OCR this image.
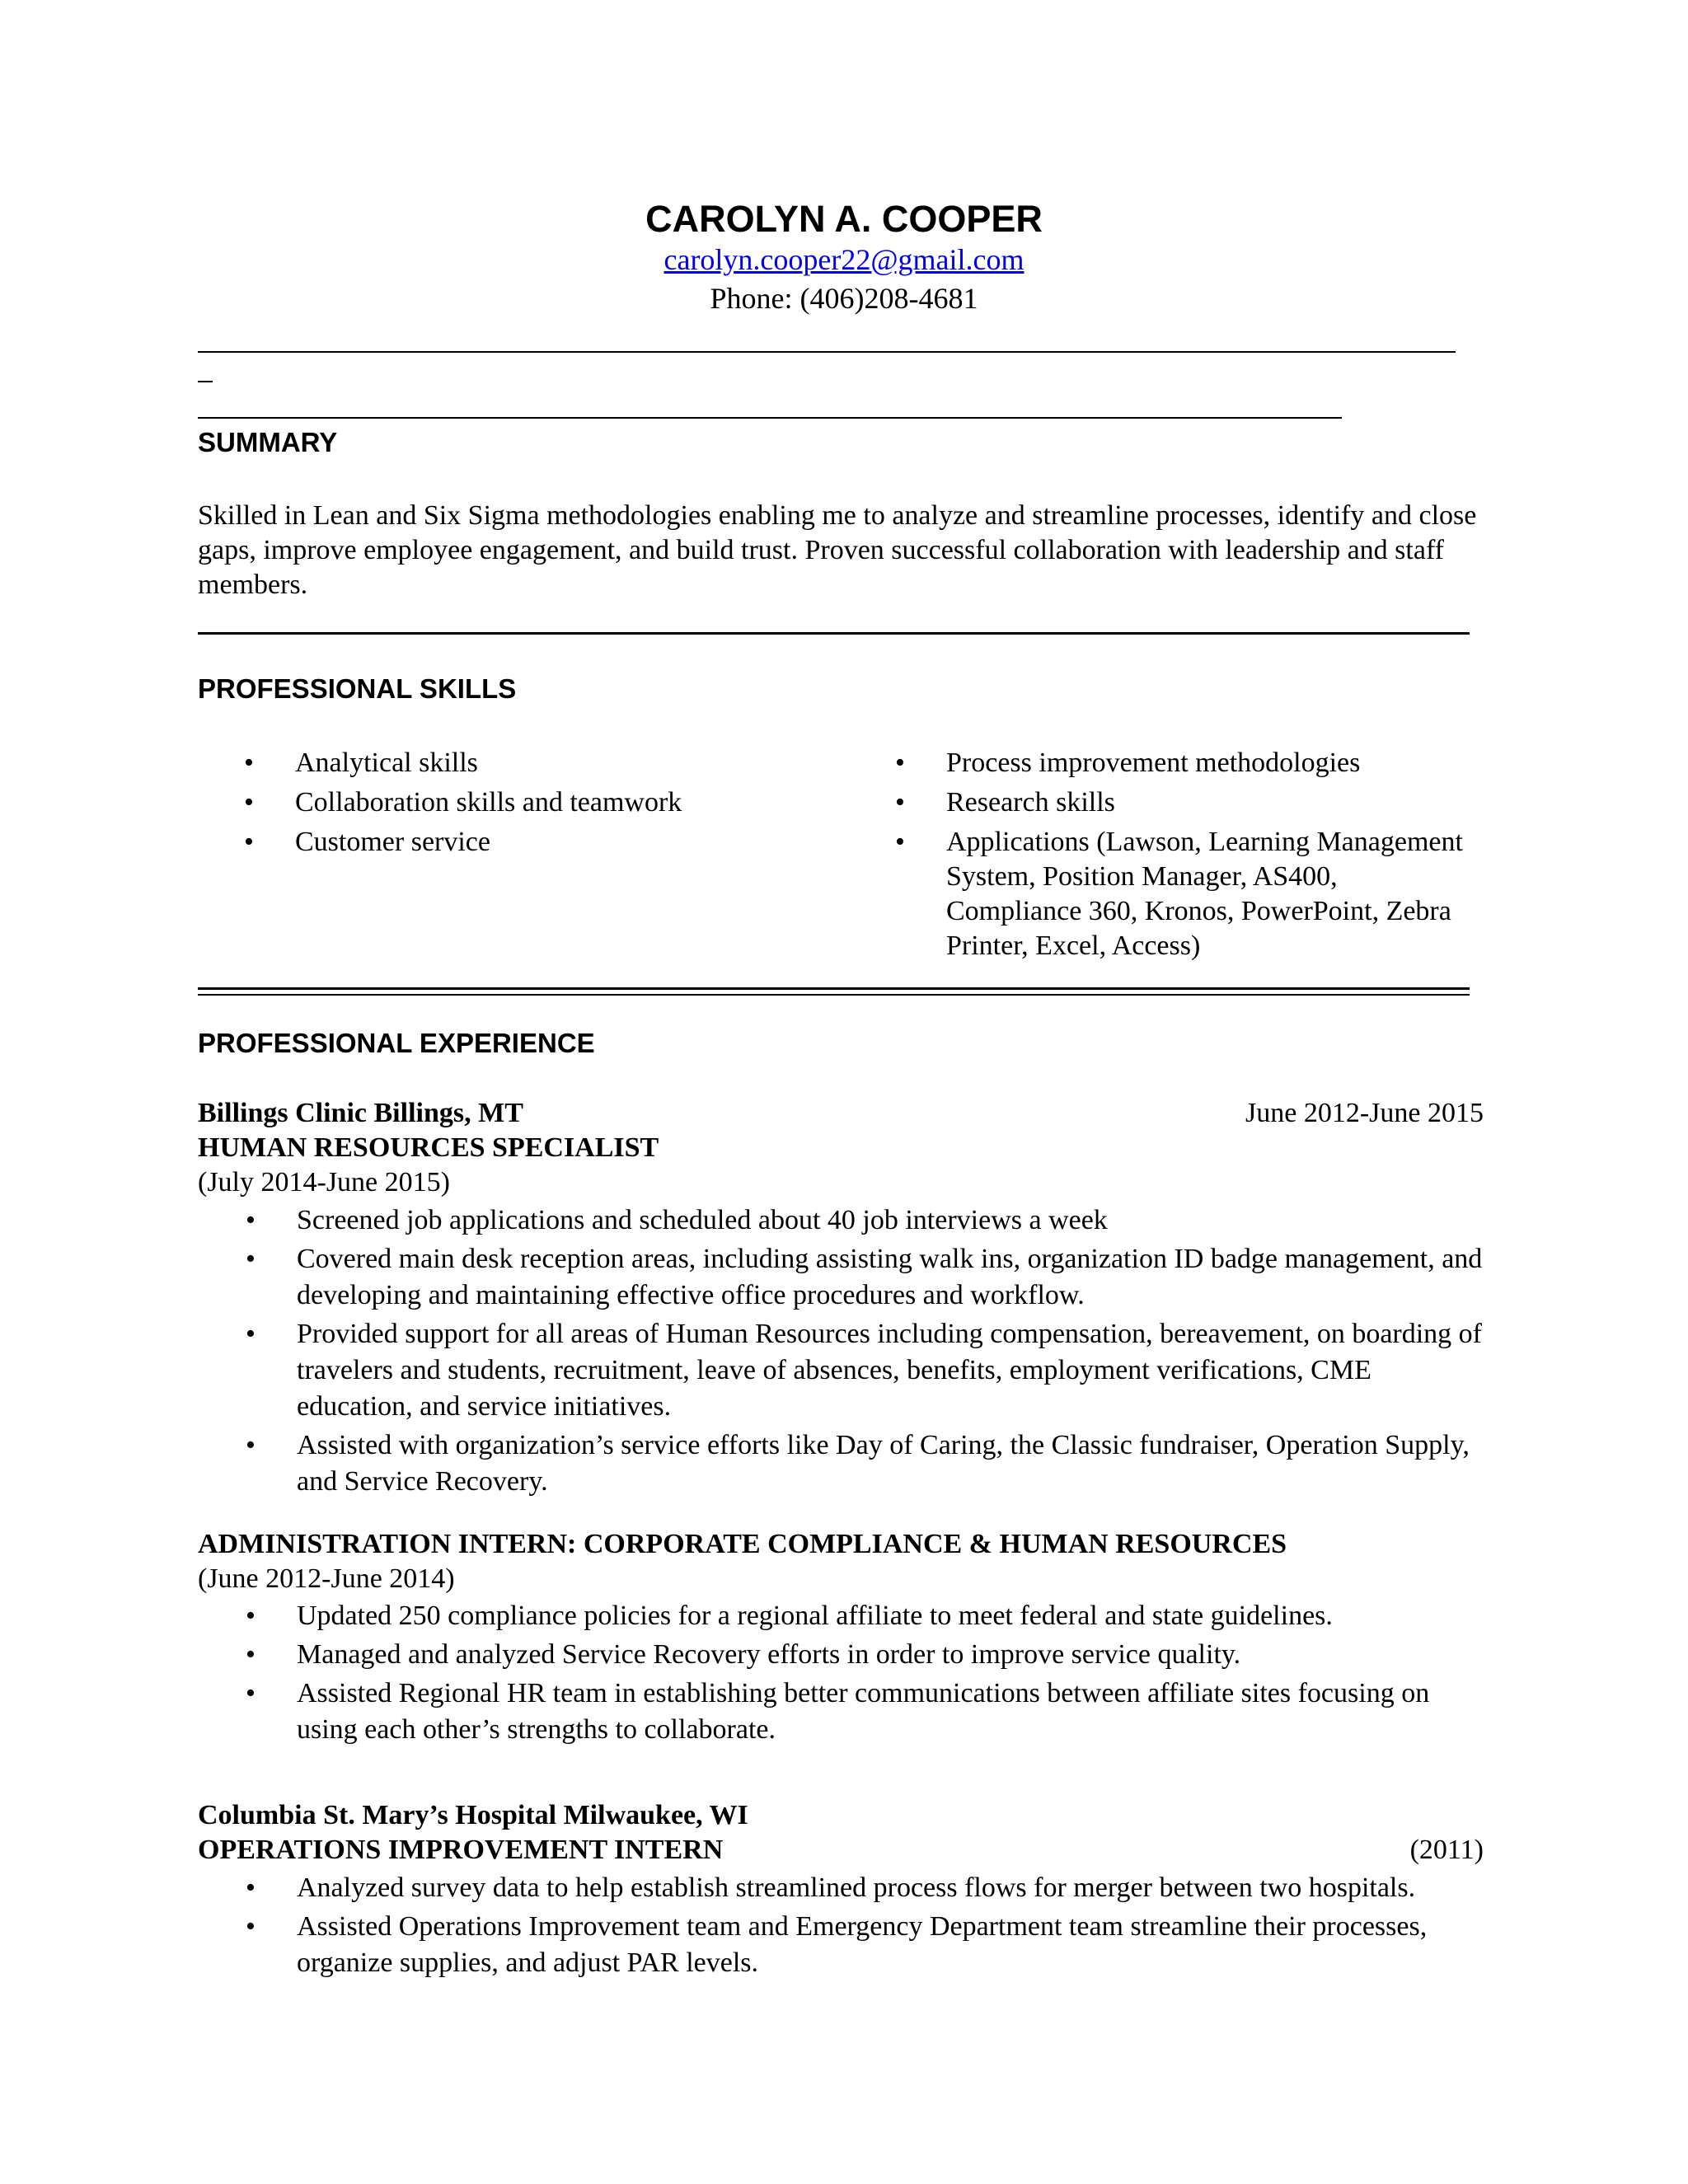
CAROLYN A. COOPER
carolyn.cooper22@gmail.com
Phone: (406)208-4681
SUMMARY
Skilled in Lean and Six Sigma methodologies enabling me to analyze and streamline processes, identify and close gaps, improve employee engagement, and build trust. Proven successful collaboration with leadership and staff members.
PROFESSIONAL SKILLS
• Analytical skills
• Collaboration skills and teamwork
• Customer service
• Process improvement methodologies
• Research skills
• Applications (Lawson, Learning Management System, Position Manager, AS400, Compliance 360, Kronos, PowerPoint, Zebra Printer, Excel, Access)
PROFESSIONAL EXPERIENCE
Billings Clinic Billings, MT	June 2012-June 2015
HUMAN RESOURCES SPECIALIST
(July 2014-June 2015)
• Screened job applications and scheduled about 40 job interviews a week
• Covered main desk reception areas, including assisting walk ins, organization ID badge management, and developing and maintaining effective office procedures and workflow.
• Provided support for all areas of Human Resources including compensation, bereavement, on boarding of travelers and students, recruitment, leave of absences, benefits, employment verifications, CME education, and service initiatives.
• Assisted with organization’s service efforts like Day of Caring, the Classic fundraiser, Operation Supply, and Service Recovery.
ADMINISTRATION INTERN: CORPORATE COMPLIANCE & HUMAN RESOURCES
(June 2012-June 2014)
• Updated 250 compliance policies for a regional affiliate to meet federal and state guidelines.
• Managed and analyzed Service Recovery efforts in order to improve service quality.
• Assisted Regional HR team in establishing better communications between affiliate sites focusing on using each other’s strengths to collaborate.
Columbia St. Mary’s Hospital Milwaukee, WI
OPERATIONS IMPROVEMENT INTERN	(2011)
• Analyzed survey data to help establish streamlined process flows for merger between two hospitals.
• Assisted Operations Improvement team and Emergency Department team streamline their processes, organize supplies, and adjust PAR levels.
